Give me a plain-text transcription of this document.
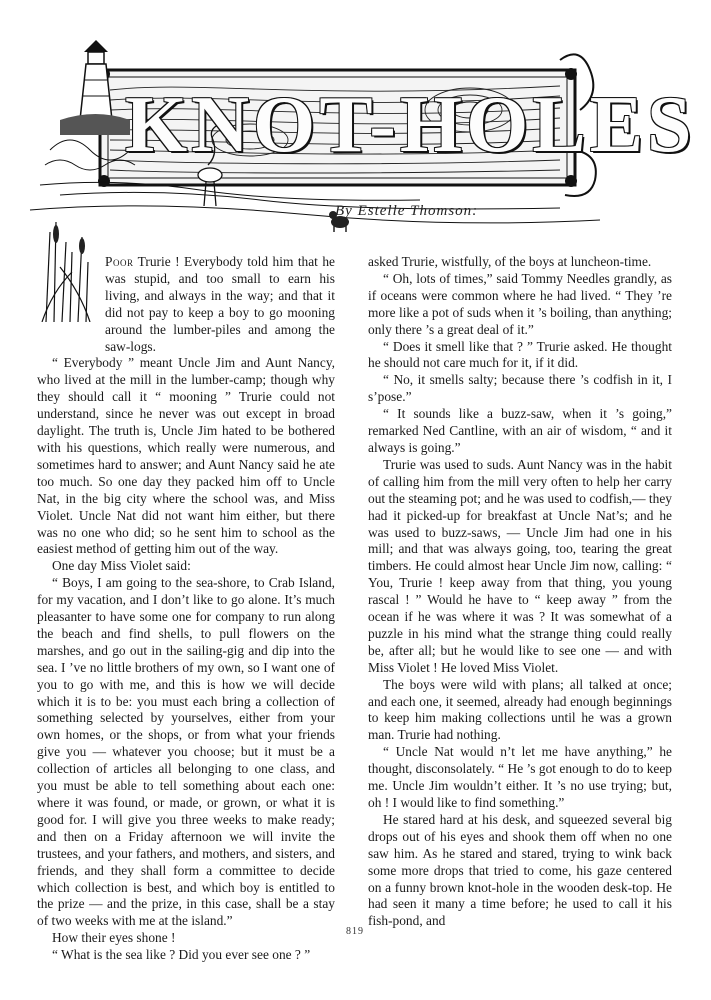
KNOT-HOLES
By Estelle Thomson:

Poor Trurie ! Everybody told him that he was stupid, and too small to earn his living, and always in the way; and that it did not pay to keep a boy to go mooning around the lumber-piles and among the saw-logs.

“ Everybody ” meant Uncle Jim and Aunt Nancy, who lived at the mill in the lumber-camp; though why they should call it “ mooning ” Trurie could not understand, since he never was out except in broad daylight. The truth is, Uncle Jim hated to be bothered with his questions, which really were numerous, and sometimes hard to answer; and Aunt Nancy said he ate too much. So one day they packed him off to Uncle Nat, in the big city where the school was, and Miss Violet. Uncle Nat did not want him either, but there was no one who did; so he sent him to school as the easiest method of getting him out of the way.

One day Miss Violet said:

“ Boys, I am going to the sea-shore, to Crab Island, for my vacation, and I don’t like to go alone. It’s much pleasanter to have some one for company to run along the beach and find shells, to pull flowers on the marshes, and go out in the sailing-gig and dip into the sea. I ’ve no little brothers of my own, so I want one of you to go with me, and this is how we will decide which it is to be: you must each bring a collection of something selected by yourselves, either from your own homes, or the shops, or from what your friends give you — whatever you choose; but it must be a collection of articles all belonging to one class, and you must be able to tell something about each one: where it was found, or made, or grown, or what it is good for. I will give you three weeks to make ready; and then on a Friday afternoon we will invite the trustees, and your fathers, and mothers, and sisters, and friends, and they shall form a committee to decide which collection is best, and which boy is entitled to the prize — and the prize, in this case, shall be a stay of two weeks with me at the island.”

How their eyes shone !

“ What is the sea like ? Did you ever see one ? ”

asked Trurie, wistfully, of the boys at luncheon-time.

“ Oh, lots of times,” said Tommy Needles grandly, as if oceans were common where he had lived. “ They ’re more like a pot of suds when it ’s boiling, than anything; only there ’s a great deal of it.”

“ Does it smell like that ? ” Trurie asked. He thought he should not care much for it, if it did.

“ No, it smells salty; because there ’s codfish in it, I s’pose.”

“ It sounds like a buzz-saw, when it ’s going,” remarked Ned Cantline, with an air of wisdom, “ and it always is going.”

Trurie was used to suds. Aunt Nancy was in the habit of calling him from the mill very often to help her carry out the steaming pot; and he was used to codfish,— they had it picked-up for breakfast at Uncle Nat’s; and he was used to buzz-saws, — Uncle Jim had one in his mill; and that was always going, too, tearing the great timbers. He could almost hear Uncle Jim now, calling: “ You, Trurie ! keep away from that thing, you young rascal ! ” Would he have to “ keep away ” from the ocean if he was where it was ? It was somewhat of a puzzle in his mind what the strange thing could really be, after all; but he would like to see one — and with Miss Violet ! He loved Miss Violet.

The boys were wild with plans; all talked at once; and each one, it seemed, already had enough beginnings to keep him making collections until he was a grown man. Trurie had nothing.

“ Uncle Nat would n’t let me have anything,” he thought, disconsolately. “ He ’s got enough to do to keep me. Uncle Jim wouldn’t either. It ’s no use trying; but, oh ! I would like to find something.”

He stared hard at his desk, and squeezed several big drops out of his eyes and shook them off when no one saw him. As he stared and stared, trying to wink back some more drops that tried to come, his gaze centered on a funny brown knot-hole in the wooden desk-top. He had seen it many a time before; he used to call it his fish-pond, and

819
